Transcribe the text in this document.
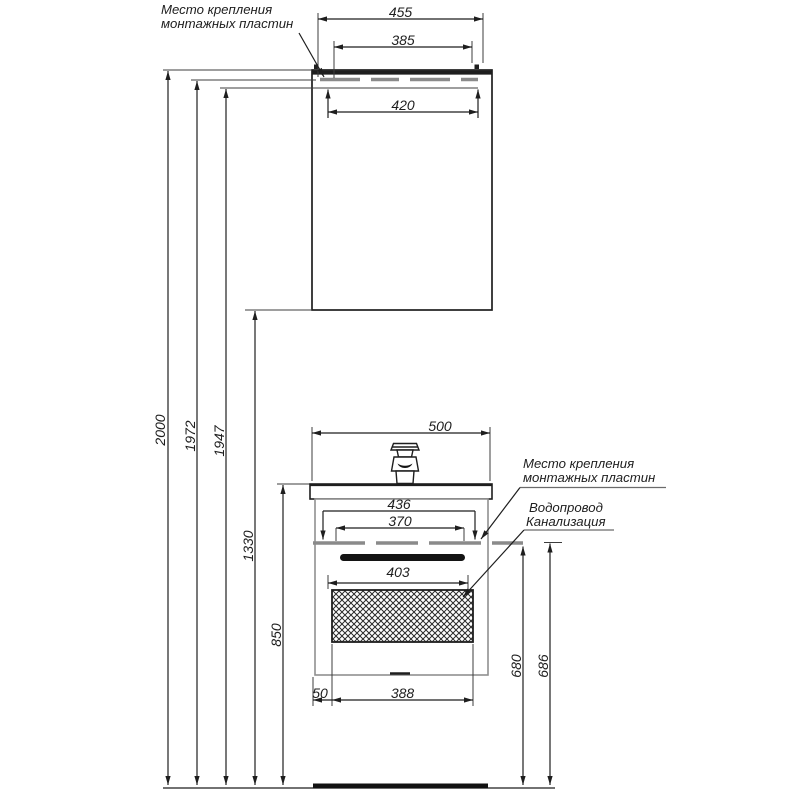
Место крепления
монтажных пластин
455
385
420
2000 1972 1947
1330
850
680 686
500
436
370
403
50	388
Место крепления
монтажных пластин
Водопровод
Канализация
